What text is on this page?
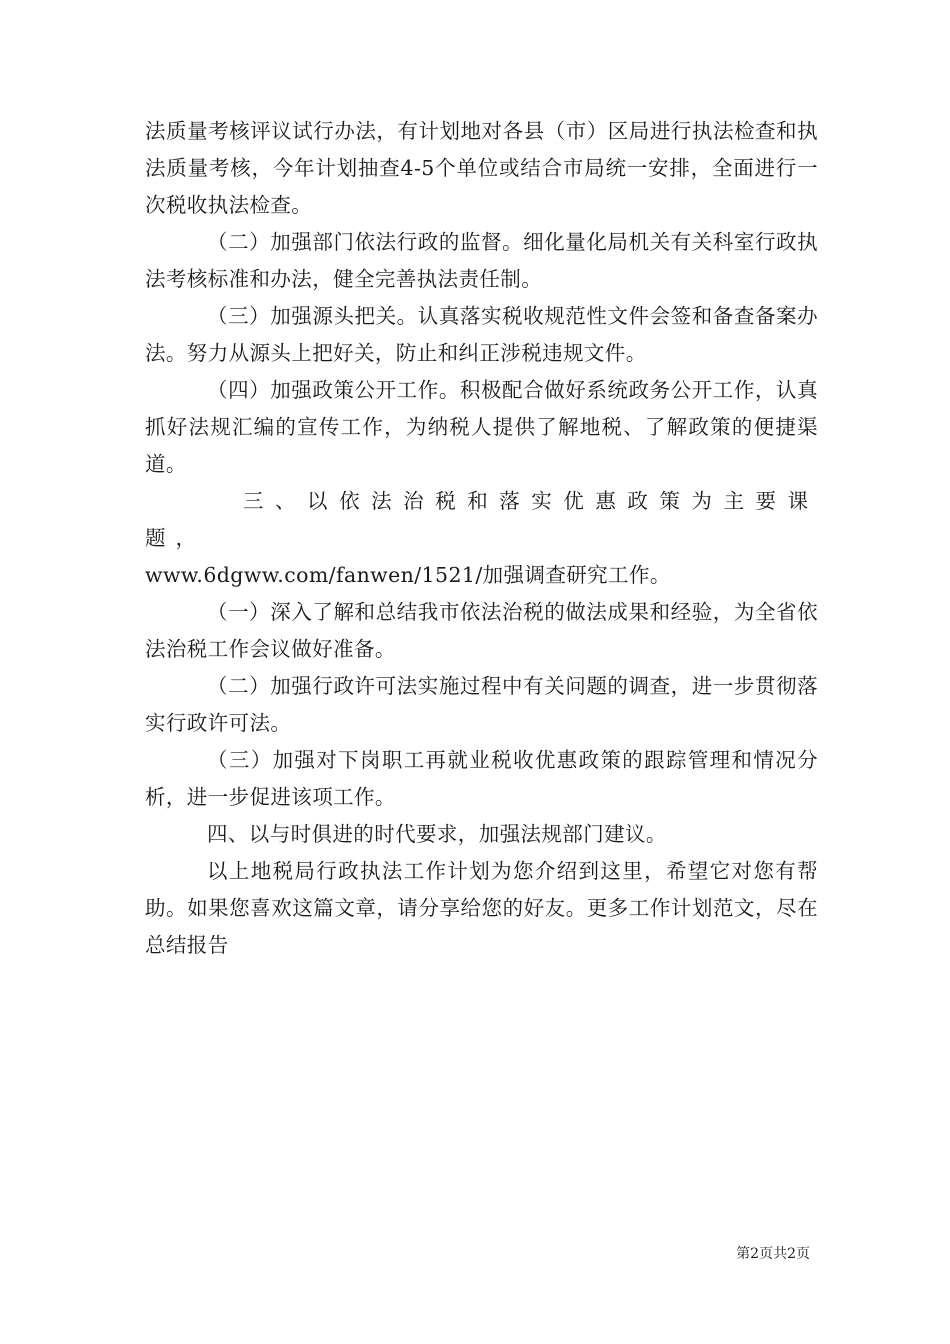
法质量考核评议试行办法，有计划地对各县（市）区局进行执法检查和执法质量考核，今年计划抽查4-5个单位或结合市局统一安排，全面进行一次税收执法检查。

（二）加强部门依法行政的监督。细化量化局机关有关科室行政执法考核标准和办法，健全完善执法责任制。

（三）加强源头把关。认真落实税收规范性文件会签和备查备案办法。努力从源头上把好关，防止和纠正涉税违规文件。

（四）加强政策公开工作。积极配合做好系统政务公开工作，认真抓好法规汇编的宣传工作，为纳税人提供了解地税、了解政策的便捷渠道。

三、以依法治税和落实优惠政策为主要课题，

www.6dgww.com/fanwen/1521/加强调查研究工作。

（一）深入了解和总结我市依法治税的做法成果和经验，为全省依法治税工作会议做好准备。

（二）加强行政许可法实施过程中有关问题的调查，进一步贯彻落实行政许可法。

（三）加强对下岗职工再就业税收优惠政策的跟踪管理和情况分析，进一步促进该项工作。

四、以与时俱进的时代要求，加强法规部门建议。

以上地税局行政执法工作计划为您介绍到这里，希望它对您有帮助。如果您喜欢这篇文章，请分享给您的好友。更多工作计划范文，尽在总结报告

第2页共2页
